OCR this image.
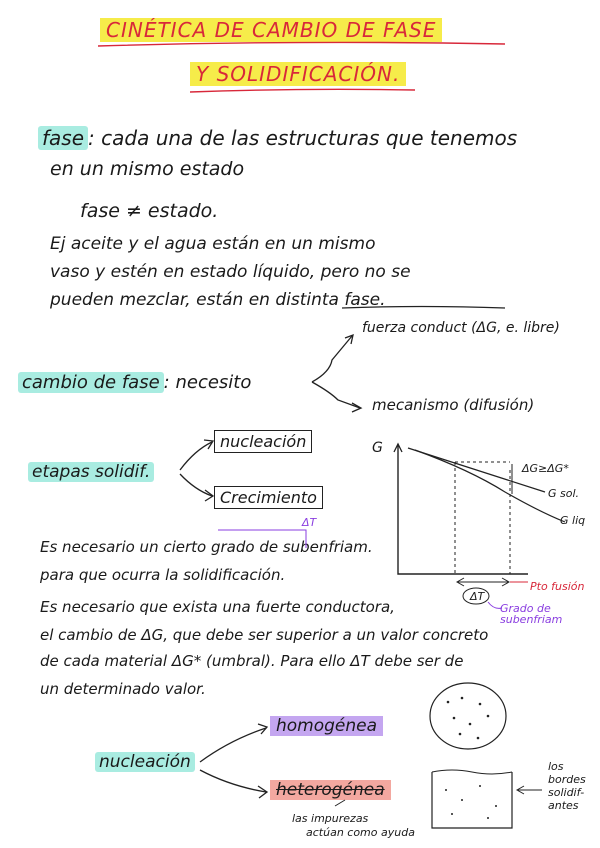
CINÉTICA DE CAMBIO DE FASE
Y SOLIDIFICACIÓN.
fase : cada una de las estructuras que tenemos
en un mismo estado
fase ≠ estado.
Ej aceite y el agua están en un mismo
vaso y estén en estado líquido, pero no se
pueden mezclar, están en distinta fase.
cambio de fase : necesito
fuerza conduct (ΔG, e. libre)
mecanismo (difusión)
etapas solidif.
nucleación
Crecimiento
G
ΔG≥ΔG*
G sol.
G liq
ΔT
Pto fusión
Grado de subenfriam
ΔT
Es necesario un cierto grado de subenfriam.
para que ocurra la solidificación.
Es necesario que exista una fuerte conductora,
el cambio de ΔG, que debe ser superior a un valor concreto
de cada material ΔG* (umbral). Para ello ΔT debe ser de
un determinado valor.
nucleación
homogénea
heterogénea
los
bordes
solidif-
antes
las impurezas
actúan como ayuda
